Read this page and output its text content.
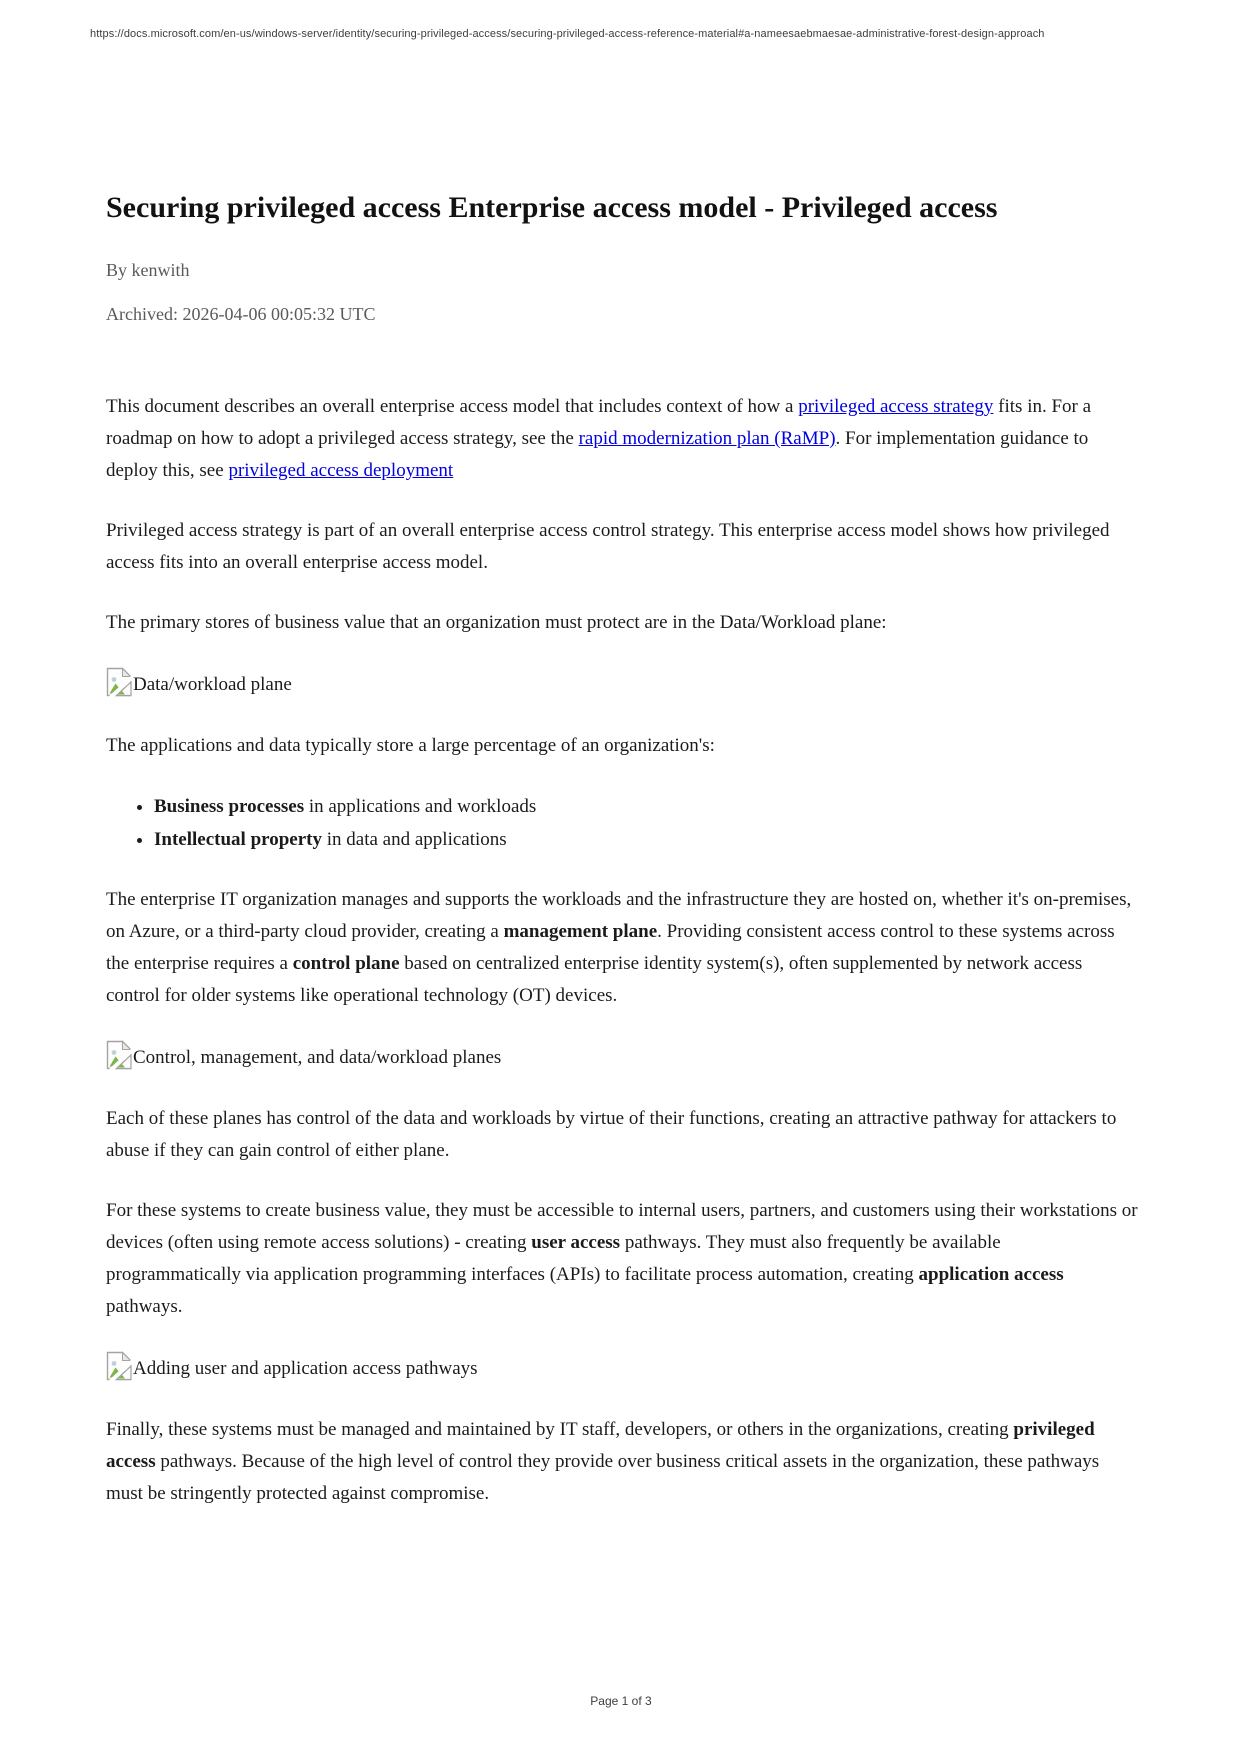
https://docs.microsoft.com/en-us/windows-server/identity/securing-privileged-access/securing-privileged-access-reference-material#a-nameesaebmaesae-administrative-forest-design-approach
Securing privileged access Enterprise access model - Privileged access
By kenwith
Archived: 2026-04-06 00:05:32 UTC

This document describes an overall enterprise access model that includes context of how a privileged access strategy fits in. For a roadmap on how to adopt a privileged access strategy, see the rapid modernization plan (RaMP). For implementation guidance to deploy this, see privileged access deployment

Privileged access strategy is part of an overall enterprise access control strategy. This enterprise access model shows how privileged access fits into an overall enterprise access model.

The primary stores of business value that an organization must protect are in the Data/Workload plane:

Data/workload plane

The applications and data typically store a large percentage of an organization's:

• Business processes in applications and workloads
• Intellectual property in data and applications

The enterprise IT organization manages and supports the workloads and the infrastructure they are hosted on, whether it's on-premises, on Azure, or a third-party cloud provider, creating a management plane. Providing consistent access control to these systems across the enterprise requires a control plane based on centralized enterprise identity system(s), often supplemented by network access control for older systems like operational technology (OT) devices.

Control, management, and data/workload planes

Each of these planes has control of the data and workloads by virtue of their functions, creating an attractive pathway for attackers to abuse if they can gain control of either plane.

For these systems to create business value, they must be accessible to internal users, partners, and customers using their workstations or devices (often using remote access solutions) - creating user access pathways. They must also frequently be available programmatically via application programming interfaces (APIs) to facilitate process automation, creating application access pathways.

Adding user and application access pathways

Finally, these systems must be managed and maintained by IT staff, developers, or others in the organizations, creating privileged access pathways. Because of the high level of control they provide over business critical assets in the organization, these pathways must be stringently protected against compromise.

Page 1 of 3
